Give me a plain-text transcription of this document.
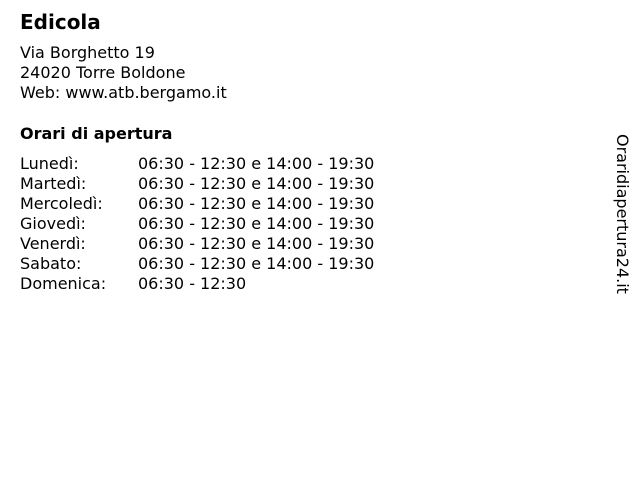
Edicola
Via Borghetto 19
24020 Torre Boldone
Web: www.atb.bergamo.it
Orari di apertura
Lunedì:	06:30 - 12:30 e 14:00 - 19:30
Martedì:	06:30 - 12:30 e 14:00 - 19:30
Mercoledì: 06:30 - 12:30 e 14:00 - 19:30
Giovedì:	06:30 - 12:30 e 14:00 - 19:30
Venerdì:	06:30 - 12:30 e 14:00 - 19:30
Sabato:	06:30 - 12:30 e 14:00 - 19:30
Domenica: 06:30 - 12:30	Oraridiapertura24.it
